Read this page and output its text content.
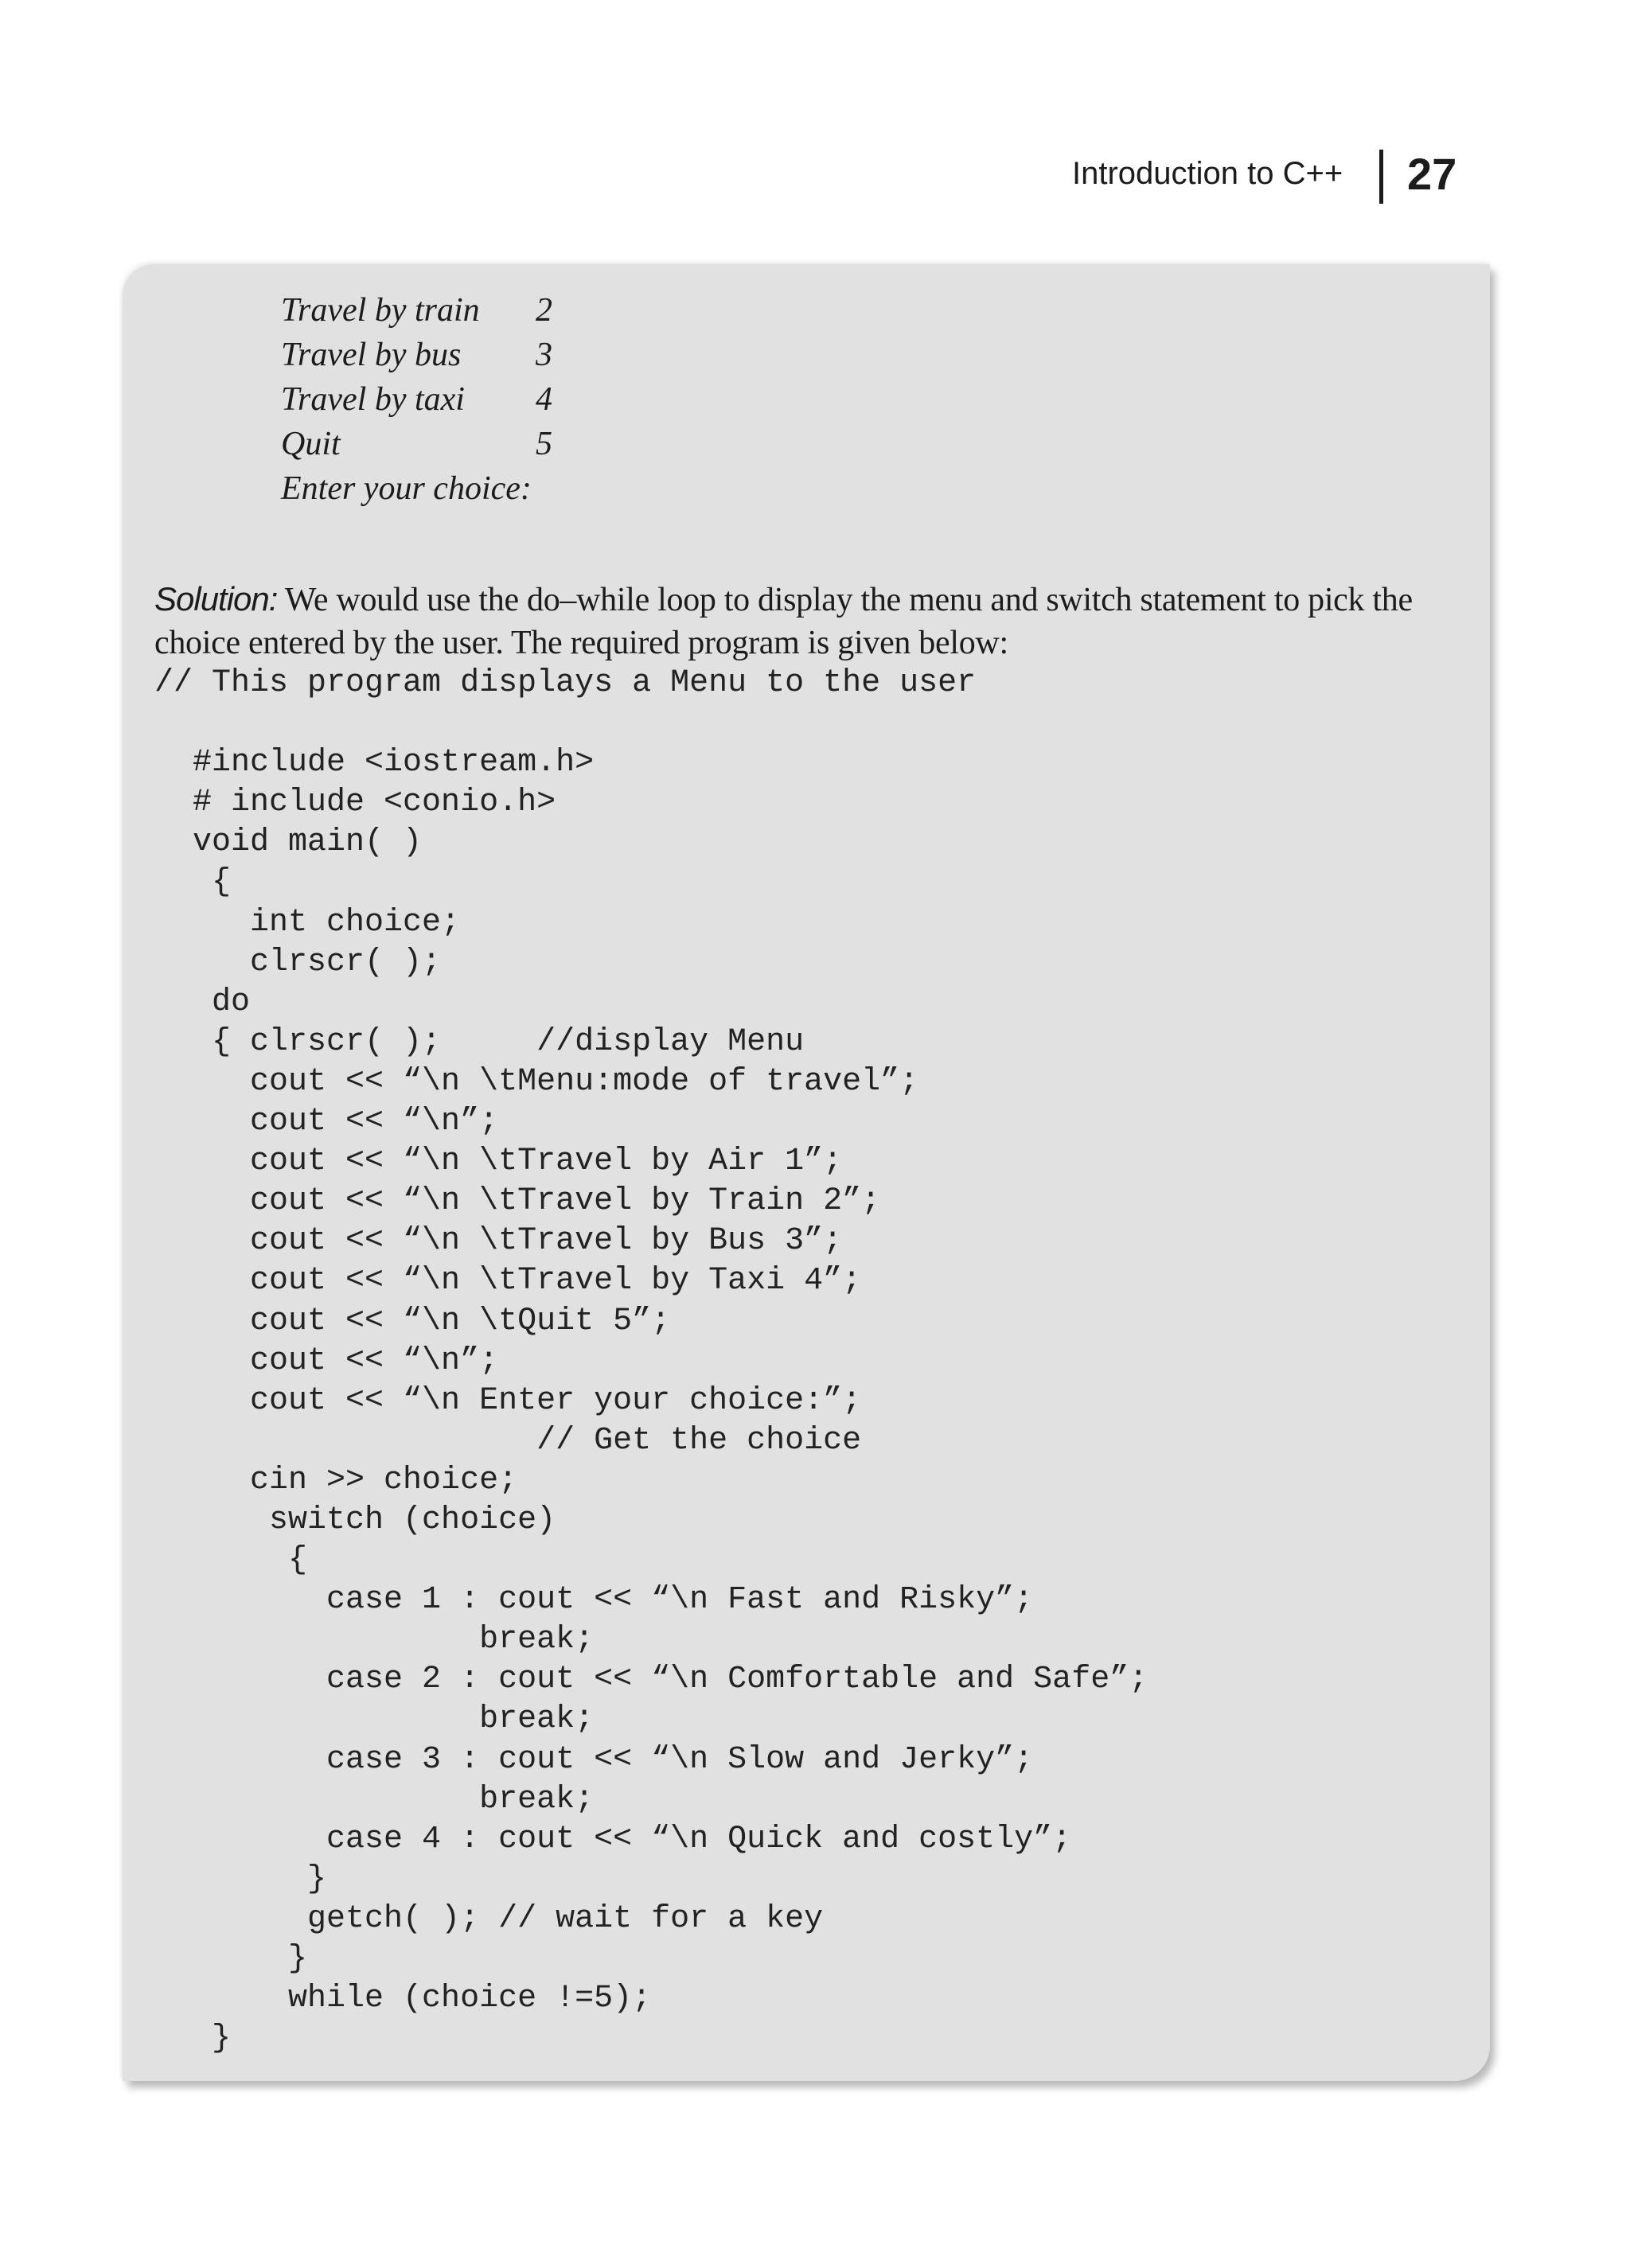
Introduction to C++ 27
Travel by train	2
Travel by bus	3
Travel by taxi	4
Quit	5
Enter your choice:

Solution: We would use the do–while loop to display the menu and switch statement to pick the choice entered by the user. The required program is given below:

// This program displays a Menu to the user
#include <iostream.h>
# include <conio.h>
void main( )
{
int choice;
clrscr( );
do
{ clrscr( );     //display Menu
cout << “\n \tMenu:mode of travel”;
cout << “\n”;
cout << “\n \tTravel by Air 1”;
cout << “\n \tTravel by Train 2”;
cout << “\n \tTravel by Bus 3”;
cout << “\n \tTravel by Taxi 4”;
cout << “\n \tQuit 5”;
cout << “\n”;
cout << “\n Enter your choice:”;
// Get the choice
cin >> choice;
switch (choice)
{
case 1 : cout << “\n Fast and Risky”;
break;
case 2 : cout << “\n Comfortable and Safe”;
break;
case 3 : cout << “\n Slow and Jerky”;
break;
case 4 : cout << “\n Quick and costly”;
}
getch( ); // wait for a key
}
while (choice !=5);
}
